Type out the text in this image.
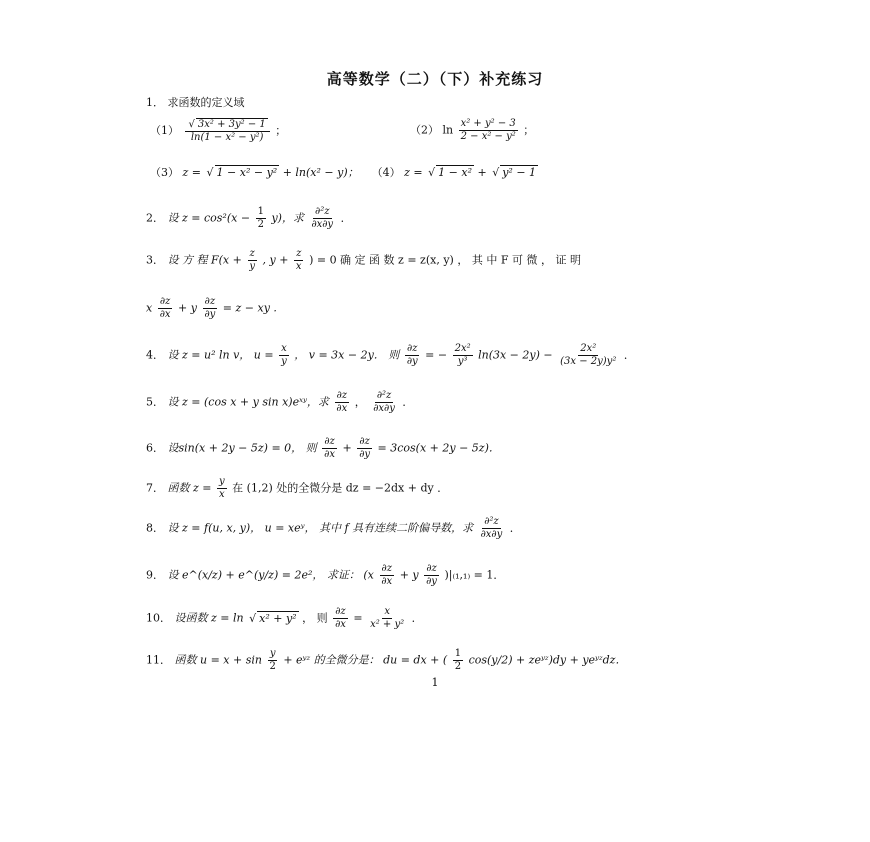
高等数学（二）（下）补充练习
1． 求函数的定义域
$(1) \frac{\text{√ 3x² + 3y² − 1}}{\text{ln(1 − x² − y²)}}$ ；	（2） $\ln \frac{\text{x² + y² − 3}}{\text{2 − x² − y²}}$ ；
（3） z = √ 1 − x² − y² + ln(x² − y)； （4） z = √ 1 − x² + √ y² − 1
2． 设 $z = \cos^2(x - \frac{1}{2} y)$，求 $\frac{\text{∂²z}}{\partial x\partial y}$ ．
3． 设 方 程 $F(x + \frac{z}{y}$ , $y + \frac{z}{x}$ ) = 0 确 定 函 数 z = z(x, y) ， 其 中 F 可 微 ， 证 明
x $\frac{\partial z}{\partial x} + y \frac{\partial z}{\partial y} = z$ − xy .
4． 设 z = u² ln v， $u = \frac{x}{y}$ ， v = 3x − 2y． 则 $\frac{\partial z}{\partial y}$ = − $\frac{\text{2x²}}{\text{y³}} \ln(3x - 2y) - \frac{\text{2x²}}{\text{(3x − 2y)y²}}$ ．
5． 设 z = (cos x + y sin x)eˣʸ，求 $\frac{\partial z}{\partial x}$ ， $\frac{\text{∂²z}}{\partial x\partial y}$ ．
6． 设sin(x + 2y − 5z) = 0， 则 $\frac{\partial z}{\partial x} + \frac{\partial z}{\partial y} = 3\cos(x + 2y - 5z)$．
7． 函数 $z = \frac{y}{x}$ 在 (1,2) 处的全微分是 dz = −2dx + dy ．
8． 设 z = f(u, x, y)， u = xeʸ， 其中 f 具有连续二阶偏导数，求 $\frac{\text{∂²z}}{\partial x\partial y}$ ．
9． 设 e^(x/z) + e^(y/z) = 2e²， 求证： $(x \frac{\partial z}{\partial x} + y \frac{\partial z}{\partial y} )|_{(1},_{1)} = 1$．
10． 设函数 z = ln √ x² + y² ， 则 $\frac{\partial z}{\partial x} = \frac{x}{\text{x² + y²}}$ ．
11． 函数 $u = x + \sin \frac{y}{2}$ + eʸᶻ 的全微分是： du = dx + ( $\frac{1}{2} \cos(y/2)$ + zeʸᶻ)dy + yeʸᶻdz．
1
